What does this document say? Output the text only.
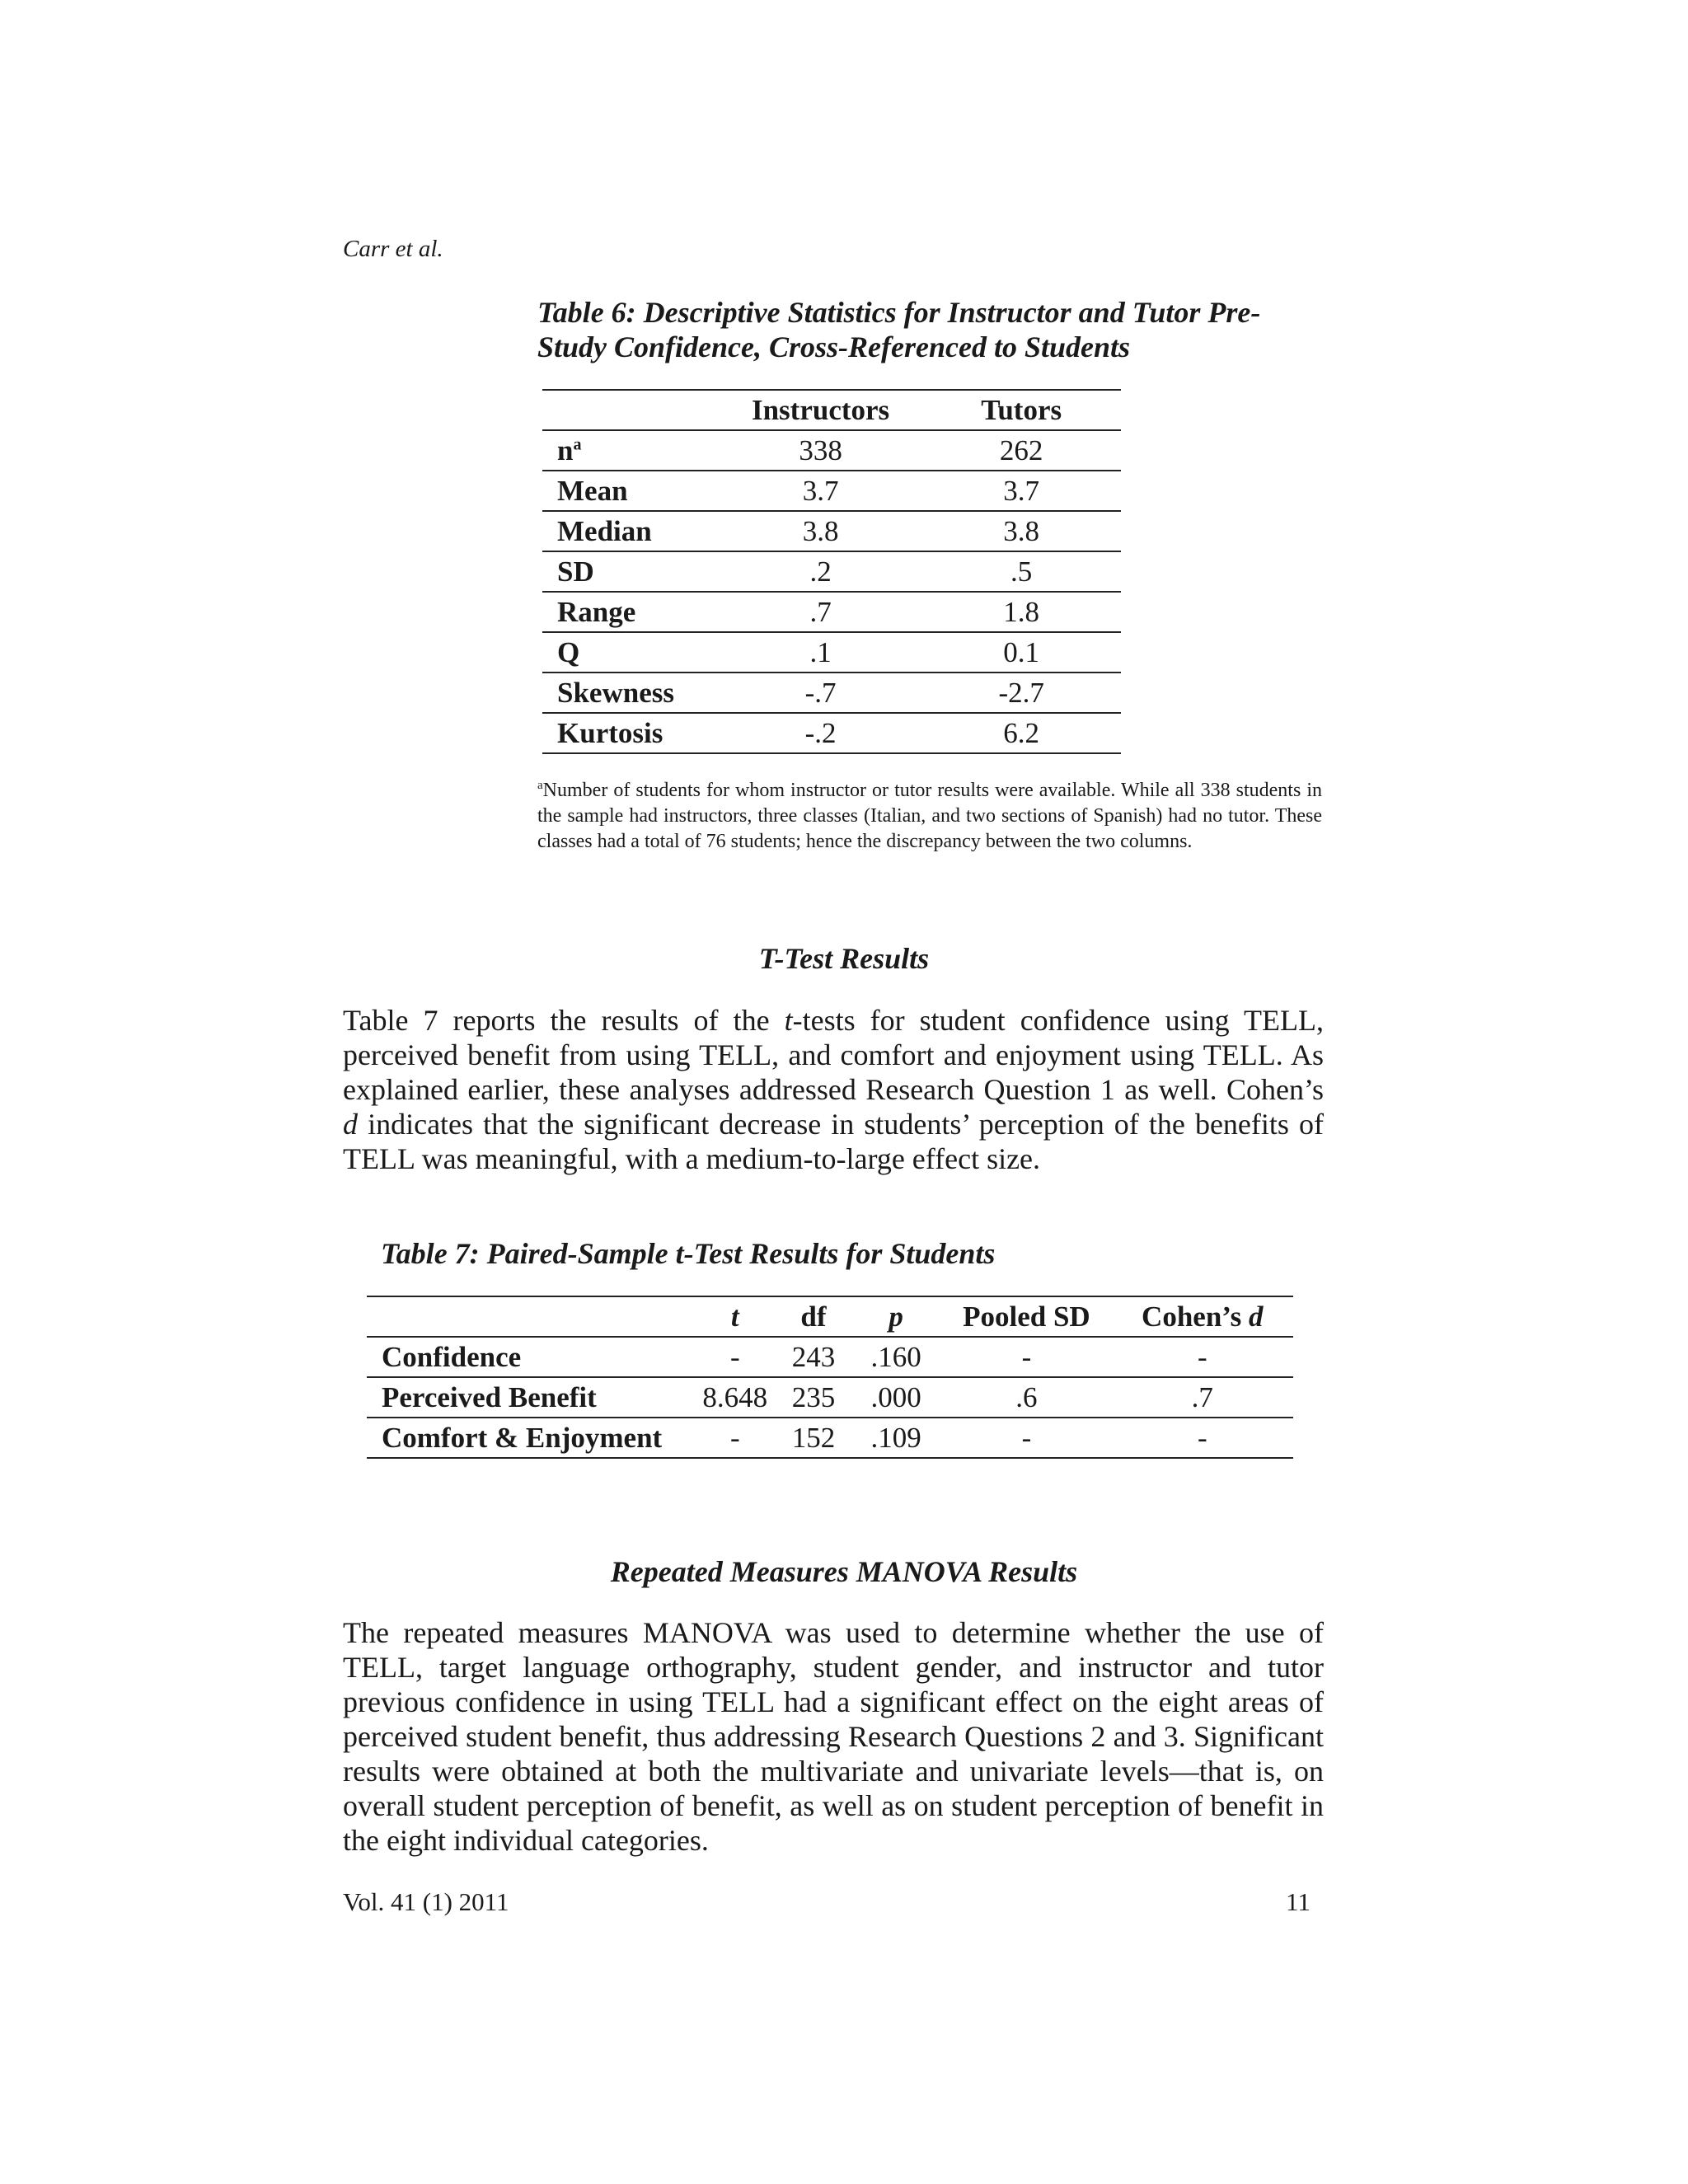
Carr et al.
Table 6: Descriptive Statistics for Instructor and Tutor Pre-
Study Confidence, Cross-Referenced to Students
	Instructors	Tutors
$n^a$	338	262
Mean	3.7	3.7
Median	3.8	3.8
SD	.2	.5
Range	.7	1.8
Q	.1	0.1
Skewness	-.7	-2.7
Kurtosis	-.2	6.2
$^a$Number of students for whom instructor or tutor results were available. While all 338 students in the sample had instructors, three classes (Italian, and two sections of Spanish) had no tutor. These classes had a total of 76 students; hence the discrepancy between the two columns.
T-Test Results
Table 7 reports the results of the t-tests for student confidence using TELL, perceived benefit from using TELL, and comfort and enjoyment using TELL. As explained earlier, these analyses addressed Research Question 1 as well. Cohen’s d indicates that the significant decrease in students’ perception of the benefits of TELL was meaningful, with a medium-to-large effect size.
Table 7: Paired-Sample t-Test Results for Students
	t	df	p	Pooled SD	Cohen’s d
Confidence	-	243	.160	-	-
Perceived Benefit	8.648	235	.000	.6	.7
Comfort & Enjoyment	-	152	.109	-	-
Repeated Measures MANOVA Results
The repeated measures MANOVA was used to determine whether the use of TELL, target language orthography, student gender, and instructor and tutor previous confidence in using TELL had a significant effect on the eight areas of perceived student benefit, thus addressing Research Questions 2 and 3. Significant results were obtained at both the multivariate and univariate levels—that is, on overall student perception of benefit, as well as on student perception of benefit in the eight individual categories.
Vol. 41 (1) 2011	11
